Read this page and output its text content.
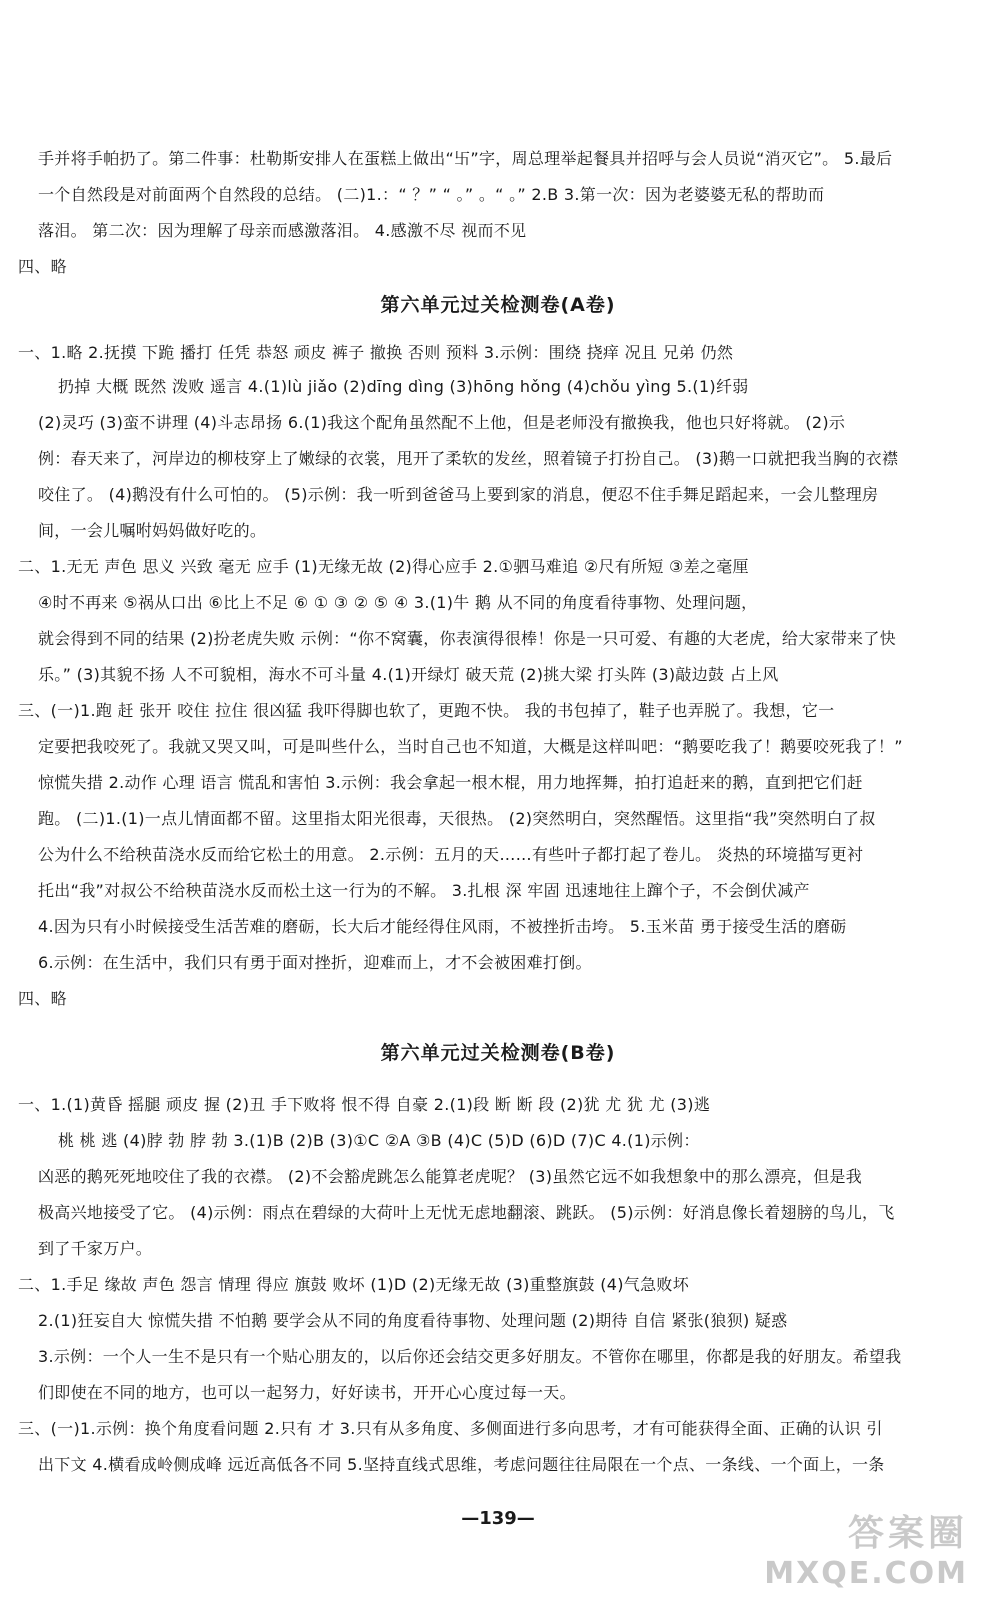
手并将手帕扔了。第二件事：杜勒斯安排人在蛋糕上做出“卐”字，周总理举起餐具并招呼与会人员说“消灭它”。 5.最后
一个自然段是对前面两个自然段的总结。 (二)1.：“ ？” “ 。” 。“ 。” 2.B 3.第一次：因为老婆婆无私的帮助而
落泪。 第二次：因为理解了母亲而感激落泪。 4.感激不尽 视而不见
四、略
第六单元过关检测卷(A卷)
一、1.略 2.抚摸 下跪 播打 任凭 恭怒 顽皮 裤子 撤换 否则 预料 3.示例：围绕 挠痒 况且 兄弟 仍然
扔掉 大概 既然 泼败 遥言 4.(1)lù jiǎo (2)dīng dìng (3)hōng hǒng (4)chǒu yìng 5.(1)纤弱
(2)灵巧 (3)蛮不讲理 (4)斗志昂扬 6.(1)我这个配角虽然配不上他，但是老师没有撤换我，他也只好将就。 (2)示
例：春天来了，河岸边的柳枝穿上了嫩绿的衣裳，甩开了柔软的发丝，照着镜子打扮自己。 (3)鹅一口就把我当胸的衣襟
咬住了。 (4)鹅没有什么可怕的。 (5)示例：我一听到爸爸马上要到家的消息，便忍不住手舞足蹈起来，一会儿整理房
间，一会儿嘱咐妈妈做好吃的。
二、1.无无 声色 思义 兴致 毫无 应手 (1)无缘无故 (2)得心应手 2.①驷马难追 ②尺有所短 ③差之毫厘
④时不再来 ⑤祸从口出 ⑥比上不足 ⑥ ① ③ ② ⑤ ④ 3.(1)牛 鹅 从不同的角度看待事物、处理问题，
就会得到不同的结果 (2)扮老虎失败 示例：“你不窝囊，你表演得很棒！你是一只可爱、有趣的大老虎，给大家带来了快
乐。” (3)其貌不扬 人不可貌相，海水不可斗量 4.(1)开绿灯 破天荒 (2)挑大梁 打头阵 (3)敲边鼓 占上风
三、(一)1.跑 赶 张开 咬住 拉住 很凶猛 我吓得脚也软了，更跑不快。 我的书包掉了，鞋子也弄脱了。我想，它一
定要把我咬死了。我就又哭又叫，可是叫些什么，当时自己也不知道，大概是这样叫吧：“鹅要吃我了！鹅要咬死我了！”
惊慌失措 2.动作 心理 语言 慌乱和害怕 3.示例：我会拿起一根木棍，用力地挥舞，拍打追赶来的鹅，直到把它们赶
跑。 (二)1.(1)一点儿情面都不留。这里指太阳光很毒，天很热。 (2)突然明白，突然醒悟。这里指“我”突然明白了叔
公为什么不给秧苗浇水反而给它松土的用意。 2.示例：五月的天……有些叶子都打起了卷儿。 炎热的环境描写更衬
托出“我”对叔公不给秧苗浇水反而松土这一行为的不解。 3.扎根 深 牢固 迅速地往上蹿个子，不会倒伏减产
4.因为只有小时候接受生活苦难的磨砺，长大后才能经得住风雨，不被挫折击垮。 5.玉米苗 勇于接受生活的磨砺
6.示例：在生活中，我们只有勇于面对挫折，迎难而上，才不会被困难打倒。
四、略
第六单元过关检测卷(B卷)
一、1.(1)黄昏 摇腿 顽皮 握 (2)丑 手下败将 恨不得 自豪 2.(1)段 断 断 段 (2)犹 尤 犹 尤 (3)逃
桃 桃 逃 (4)脖 勃 脖 勃 3.(1)B (2)B (3)①C ②A ③B (4)C (5)D (6)D (7)C 4.(1)示例：
凶恶的鹅死死地咬住了我的衣襟。 (2)不会豁虎跳怎么能算老虎呢？ (3)虽然它远不如我想象中的那么漂亮，但是我
极高兴地接受了它。 (4)示例：雨点在碧绿的大荷叶上无忧无虑地翻滚、跳跃。 (5)示例：好消息像长着翅膀的鸟儿，飞
到了千家万户。
二、1.手足 缘故 声色 怨言 情理 得应 旗鼓 败坏 (1)D (2)无缘无故 (3)重整旗鼓 (4)气急败坏
2.(1)狂妄自大 惊慌失措 不怕鹅 要学会从不同的角度看待事物、处理问题 (2)期待 自信 紧张(狼狈) 疑惑
3.示例：一个人一生不是只有一个贴心朋友的，以后你还会结交更多好朋友。不管你在哪里，你都是我的好朋友。希望我
们即使在不同的地方，也可以一起努力，好好读书，开开心心度过每一天。
三、(一)1.示例：换个角度看问题 2.只有 才 3.只有从多角度、多侧面进行多向思考，才有可能获得全面、正确的认识 引
出下文 4.横看成岭侧成峰 远近高低各不同 5.坚持直线式思维，考虑问题往往局限在一个点、一条线、一个面上，一条
—139—	答案圈
MXQE.COM
